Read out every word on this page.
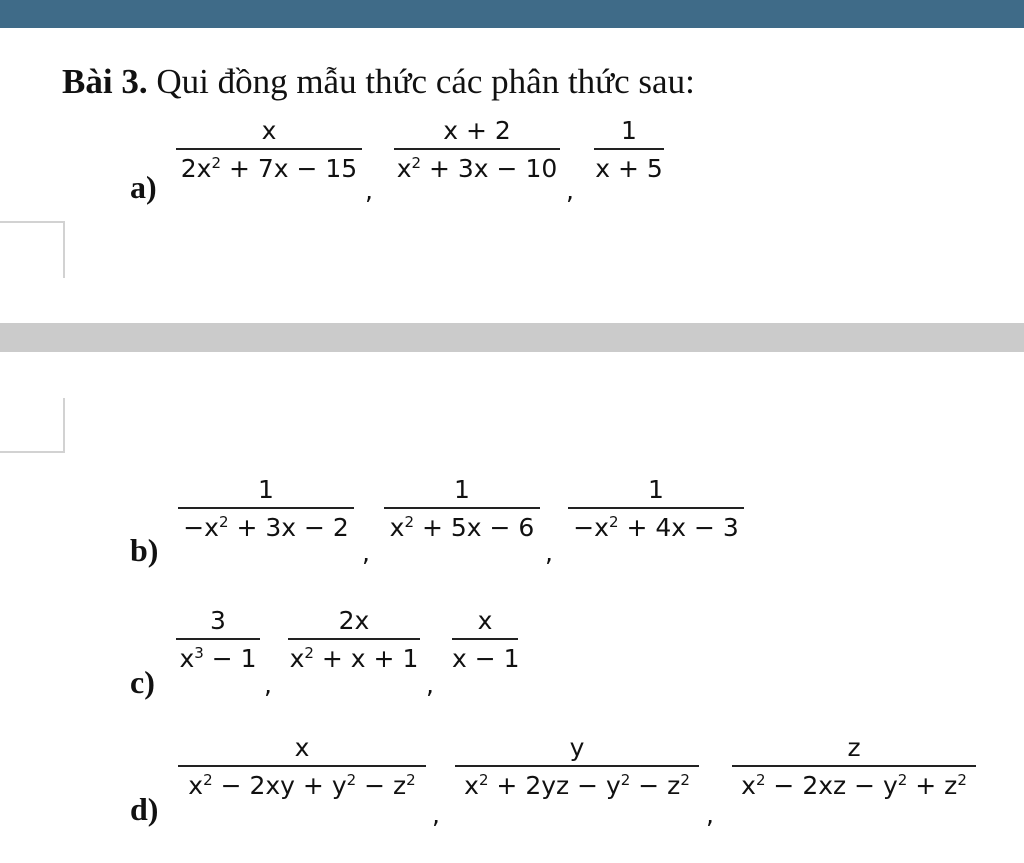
Bài 3. Qui đồng mẫu thức các phân thức sau:
a)
x
$2x^2 + 7x - 15$
,
x + 2
$x^2 + 3x - 10$
,
1
x + 5
b)
1
$-x^2 + 3x - 2$
,
1
$x^2 + 5x - 6$
,
1
$-x^2 + 4x - 3$
c)
3
$x^3 - 1$
,
2x
$x^2 + x + 1$
,
x
x − 1
d)
x
$x^2 - 2xy + y^2 - z^2$
,
y
$x^2 + 2yz - y^2 - z^2$
,
z
$x^2 - 2xz - y^2 + z^2$
